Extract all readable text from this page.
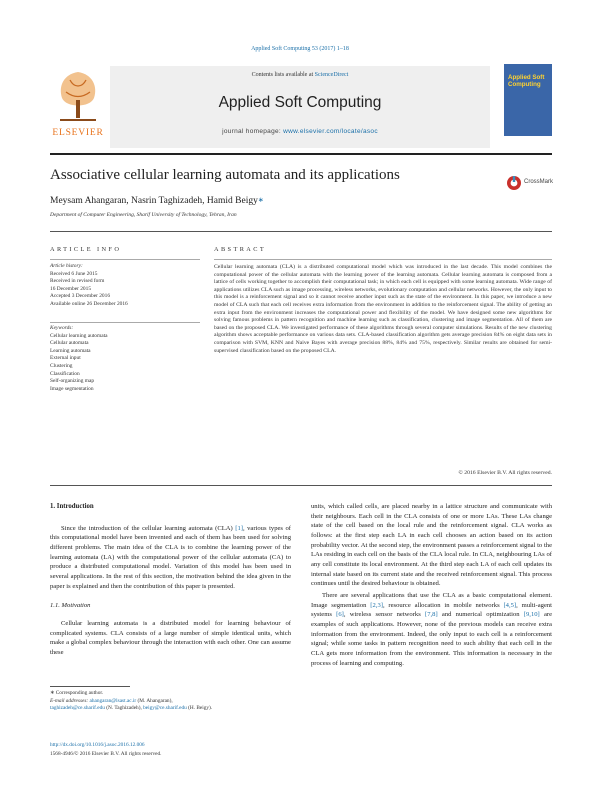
Applied Soft Computing 53 (2017) 1–18
Contents lists available at ScienceDirect
Applied Soft Computing
journal homepage: www.elsevier.com/locate/asoc
ELSEVIER
Applied Soft Computing
Associative cellular learning automata and its applications	CrossMark
Meysam Ahangaran, Nasrin Taghizadeh, Hamid Beigy∗
Department of Computer Engineering, Sharif University of Technology, Tehran, Iran
ARTICLE INFO	ABSTRACT
Article history:
Received 6 June 2015
Received in revised form
16 December 2015
Accepted 3 December 2016
Available online 26 December 2016
Keywords:
Cellular learning automata
Cellular automata
Learning automata
External input
Clustering
Classification
Self-organizing map
Image segmentation
Cellular learning automata (CLA) is a distributed computational model which was introduced in the last decade. This model combines the computational power of the cellular automata with the learning power of the learning automata. Cellular learning automata is composed from a lattice of cells working together to accomplish their computational task; in which each cell is equipped with some learning automata. Wide range of applications utilizes CLA such as image processing, wireless networks, evolutionary computation and cellular networks. However, the only input to this model is a reinforcement signal and so it cannot receive another input such as the state of the environment. In this paper, we introduce a new model of CLA such that each cell receives extra information from the environment in addition to the reinforcement signal. The ability of getting an extra input from the environment increases the computational power and flexibility of the model. We have designed some new algorithms for solving famous problems in pattern recognition and machine learning such as classification, clustering and image segmentation. All of them are based on the proposed CLA. We investigated performance of these algorithms through several computer simulations. Results of the new clustering algorithm shows acceptable performance on various data sets. CLA-based classification algorithm gets average precision 84% on eight data sets in comparison with SVM, KNN and Naive Bayes with average precision 88%, 84% and 75%, respectively. Similar results are obtained for semi-supervised classification based on the proposed CLA.
© 2016 Elsevier B.V. All rights reserved.
1. Introduction

Since the introduction of the cellular learning automata (CLA) [1], various types of this computational model have been invented and each of them has been used for solving different problems. The main idea of the CLA is to combine the learning power of the learning automata (LA) with the computational power of the cellular automata (CA) to produce a distributed computational model. Variation of this model has been used in several applications. In the rest of this section, the motivation behind the idea given in the paper is explained and then the contribution of this paper is presented.

1.1. Motivation

Cellular learning automata is a distributed model for learning behaviour of complicated systems. CLA consists of a large number of simple identical units, which make a global complex behaviour through the interaction with each other. One can assume these

units, which called cells, are placed nearby in a lattice structure and communicate with their neighbours. Each cell in the CLA consists of one or more LAs. These LAs change state of the cell based on the local rule and the reinforcement signal. CLA works as follows: at the first step each LA in each cell chooses an action based on its action probability vector. At the second step, the environment passes a reinforcement signal to the LAs residing in each cell on the basis of the CLA local rule. In CLA, neighbouring LAs of any cell constitute its local environment. At the third step each LA of each cell updates its internal state based on its current state and the received reinforcement signal. This process continues until the desired behaviour is obtained.

There are several applications that use the CLA as a basic computational element. Image segmentation [2,3], resource allocation in mobile networks [4,5], multi-agent systems [6], wireless sensor networks [7,8] and numerical optimization [9,10] are examples of such applications. However, none of the previous models can receive extra information from the environment. Indeed, the only input to each cell is a reinforcement signal; while some tasks in pattern recognition need to such ability that each cell in the CLA gets more information from the environment. This information is necessary in the process of learning and computing.

∗ Corresponding author.
E-mail addresses: ahangaran@lsast.ac.ir (M. Ahangaran),
taghizadeh@ce.sharif.edu (N. Taghizadeh), beigy@ce.sharif.edu (H. Beigy).
http://dx.doi.org/10.1016/j.asoc.2016.12.006
1568-4946/© 2016 Elsevier B.V. All rights reserved.
